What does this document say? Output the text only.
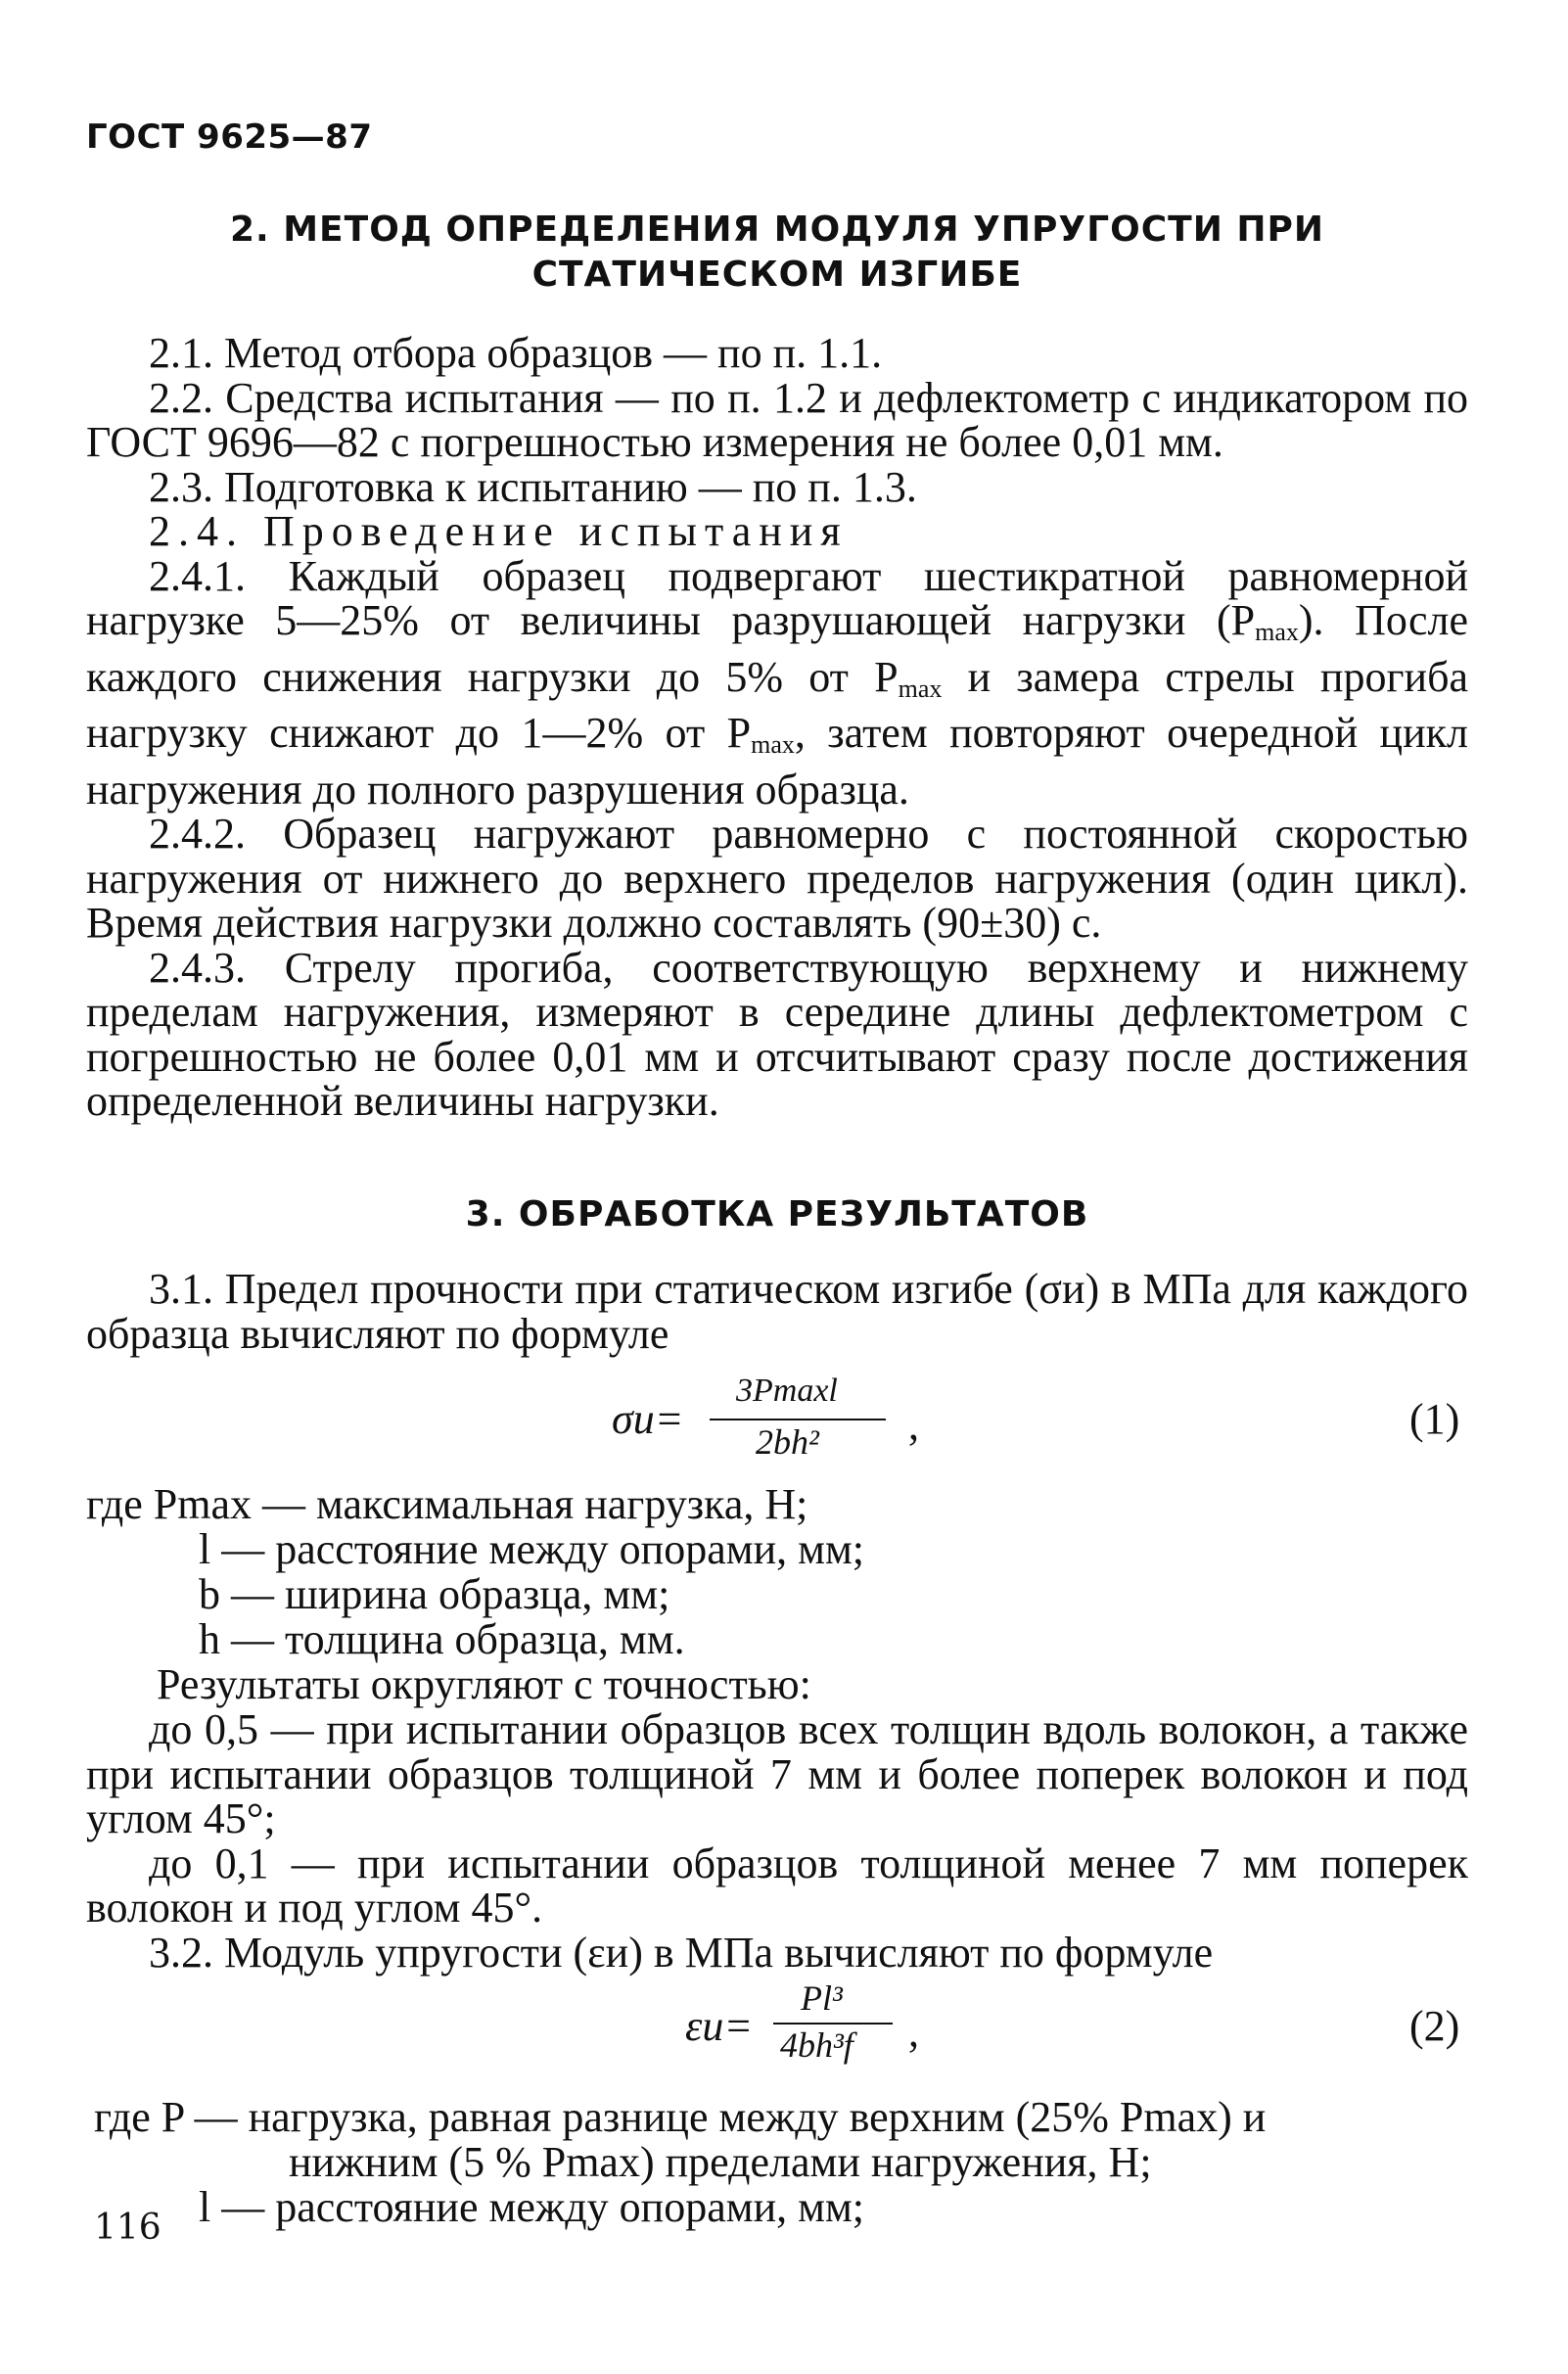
ГОСТ 9625—87
2. МЕТОД ОПРЕДЕЛЕНИЯ МОДУЛЯ УПРУГОСТИ ПРИ
СТАТИЧЕСКОМ ИЗГИБЕ

2.1. Метод отбора образцов — по п. 1.1.

2.2. Средства испытания — по п. 1.2 и дефлектометр с индикатором по ГОСТ 9696—82 с погрешностью измерения не более 0,01 мм.

2.3. Подготовка к испытанию — по п. 1.3.

2.4. Проведение испытания

2.4.1. Каждый образец подвергают шестикратной равномерной нагрузке 5—25% от величины разрушающей нагрузки $(P_{max})$. После каждого снижения нагрузки до 5% от $P_{max}$ и замера стрелы прогиба нагрузку снижают до 1—2% от $P_{max}$, затем повторяют очередной цикл нагружения до полного разрушения образца.

2.4.2. Образец нагружают равномерно с постоянной скоростью нагружения от нижнего до верхнего пределов нагружения (один цикл). Время действия нагрузки должно составлять (90±30) с.

2.4.3. Стрелу прогиба, соответствующую верхнему и нижнему пределам нагружения, измеряют в середине длины дефлектометром с погрешностью не более 0,01 мм и отсчитывают сразу после достижения определенной величины нагрузки.

3. ОБРАБОТКА РЕЗУЛЬТАТОВ

3.1. Предел прочности при статическом изгибе (σи) в МПа для каждого образца вычисляют по формуле

σи=
3Pmaxl
2bh² ,	(1)
где Pmax — максимальная нагрузка, Н;
l — расстояние между опорами, мм;
b — ширина образца, мм;
h — толщина образца, мм.
Результаты округляют с точностью:

до 0,5 — при испытании образцов всех толщин вдоль волокон, а также при испытании образцов толщиной 7 мм и более поперек волокон и под углом 45°;

до 0,1 — при испытании образцов толщиной менее 7 мм поперек волокон и под углом 45°.

3.2. Модуль упругости (εи) в МПа вычисляют по формуле

εи=
Pl³
4bh³f ,	(2)
где P — нагрузка, равная разнице между верхним (25% Pmax) и
нижним (5 % Pmax) пределами нагружения, Н;
l — расстояние между опорами, мм;
116
